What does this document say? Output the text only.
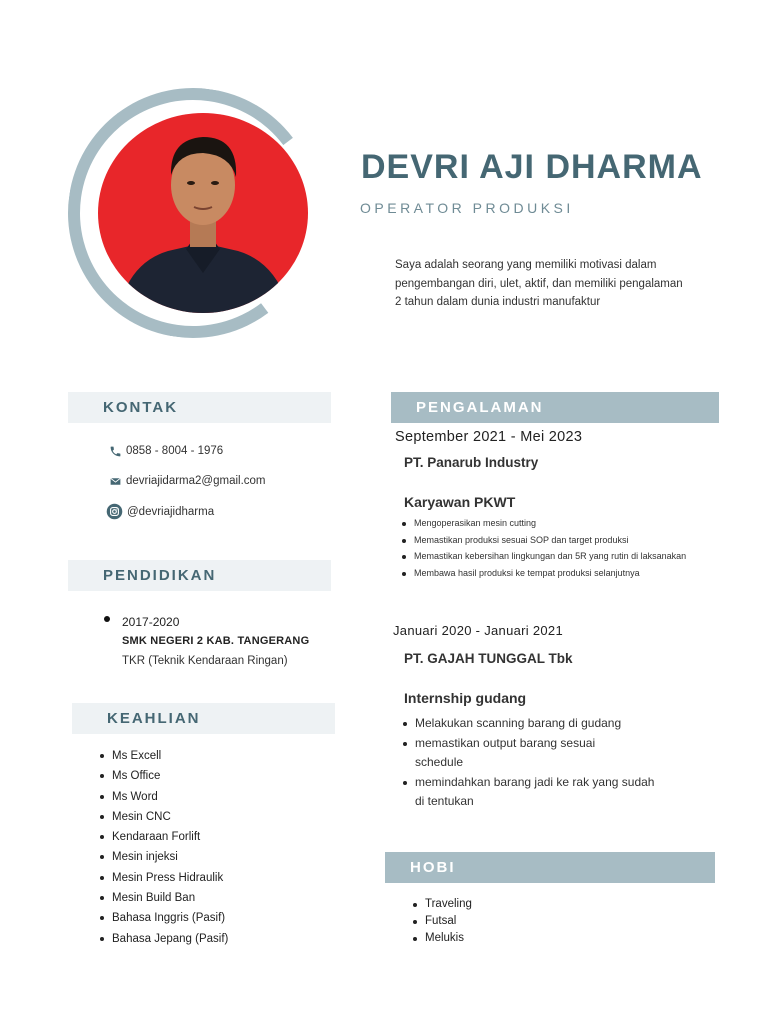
DEVRI AJI DHARMA
OPERATOR PRODUKSI
Saya adalah seorang yang memiliki motivasi dalam pengembangan diri, ulet, aktif, dan memiliki pengalaman 2 tahun dalam dunia industri manufaktur
KONTAK
0858 - 8004 - 1976
devriajidarma2@gmail.com
@devriajidharma
PENDIDIKAN
2017-2020
SMK NEGERI 2 KAB. TANGERANG
TKR (Teknik Kendaraan Ringan)
KEAHLIAN
Ms Excell
Ms Office
Ms Word
Mesin CNC
Kendaraan Forlift
Mesin injeksi
Mesin Press Hidraulik
Mesin Build Ban
Bahasa Inggris (Pasif)
Bahasa Jepang (Pasif)
PENGALAMAN
September 2021 - Mei 2023
PT. Panarub Industry
Karyawan PKWT
Mengoperasikan mesin cutting
Memastikan produksi sesuai SOP dan target produksi
Memastikan kebersihan lingkungan dan 5R yang rutin di laksanakan
Membawa hasil produksi ke tempat produksi selanjutnya
Januari 2020 - Januari 2021
PT. GAJAH TUNGGAL Tbk
Internship gudang
Melakukan scanning barang di gudang
memastikan output barang sesuai schedule
memindahkan barang jadi ke rak yang sudah di tentukan
HOBI
Traveling
Futsal
Melukis
